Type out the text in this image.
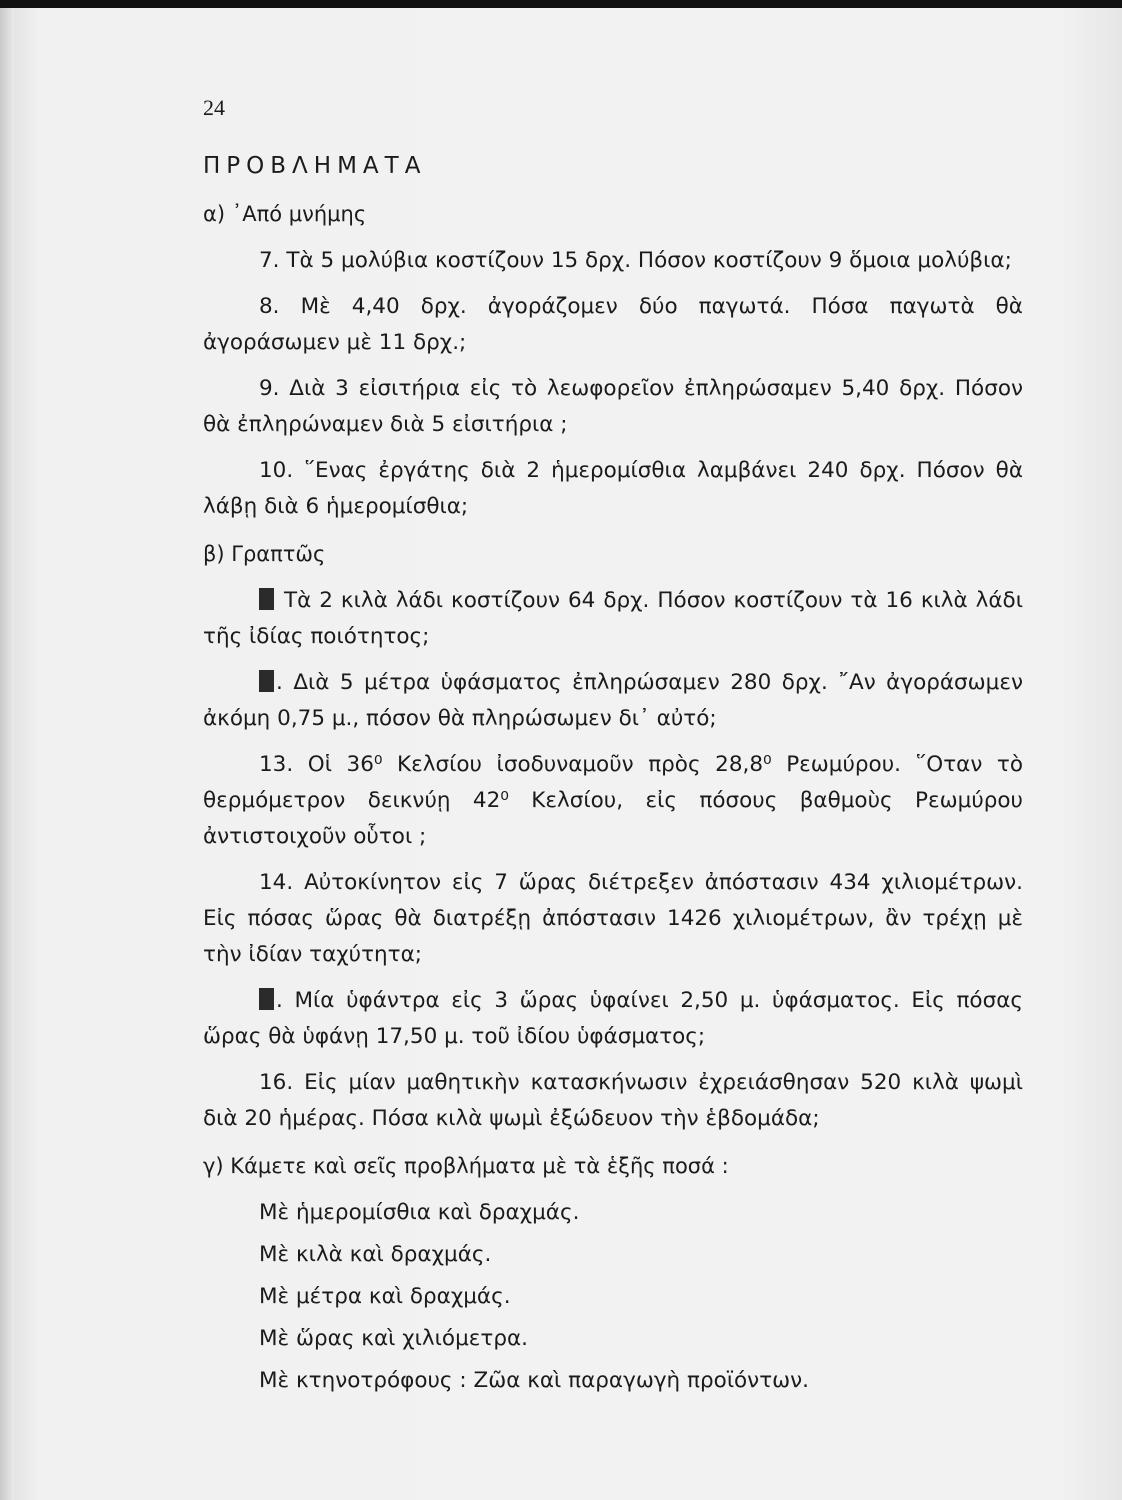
24
ΠΡΟΒΛΗΜΑΤΑ
α) ᾿Από μνήμης
7. Τὰ 5 μολύβια κοστίζουν 15 δρχ. Πόσον κοστίζουν 9 ὅμοια μολύβια;
8. Μὲ 4,40 δρχ. ἀγοράζομεν δύο παγωτά. Πόσα παγωτὰ θὰ ἀγοράσωμεν μὲ 11 δρχ.;
9. Διὰ 3 εἰσιτήρια εἰς τὸ λεωφορεῖον ἐπληρώσαμεν 5,40 δρχ. Πόσον θὰ ἐπληρώναμεν διὰ 5 εἰσιτήρια ;
10. ῞Ενας ἐργάτης διὰ 2 ἡμερομίσθια λαμβάνει 240 δρχ. Πόσον θὰ λάβῃ διὰ 6 ἡμερομίσθια;
β) Γραπτῶς
Τὰ 2 κιλὰ λάδι κοστίζουν 64 δρχ. Πόσον κοστίζουν τὰ 16 κιλὰ λάδι τῆς ἰδίας ποιότητος;
. Διὰ 5 μέτρα ὑφάσματος ἐπληρώσαμεν 280 δρχ. ῎Αν ἀγοράσωμεν ἀκόμη 0,75 μ., πόσον θὰ πληρώσωμεν δι᾿ αὐτό;
13. Οἱ 36⁰ Κελσίου ἰσοδυναμοῦν πρὸς 28,8⁰ Ρεωμύρου. ῞Οταν τὸ θερμόμετρον δεικνύῃ 42⁰ Κελσίου, εἰς πόσους βαθμοὺς Ρεωμύρου ἀντιστοιχοῦν οὗτοι ;
14. Αὐτοκίνητον εἰς 7 ὥρας διέτρεξεν ἀπόστασιν 434 χιλιομέτρων. Εἰς πόσας ὥρας θὰ διατρέξῃ ἀπόστασιν 1426 χιλιομέτρων, ἂν τρέχῃ μὲ τὴν ἰδίαν ταχύτητα;
. Μία ὑφάντρα εἰς 3 ὥρας ὑφαίνει 2,50 μ. ὑφάσματος. Εἰς πόσας ὥρας θὰ ὑφάνῃ 17,50 μ. τοῦ ἰδίου ὑφάσματος;
16. Εἰς μίαν μαθητικὴν κατασκήνωσιν ἐχρειάσθησαν 520 κιλὰ ψωμὶ διὰ 20 ἡμέρας. Πόσα κιλὰ ψωμὶ ἐξώδευον τὴν ἑβδομάδα;
γ) Κάμετε καὶ σεῖς προβλήματα μὲ τὰ ἑξῆς ποσά :
Μὲ ἡμερομίσθια καὶ δραχμάς.
Μὲ κιλὰ καὶ δραχμάς.
Μὲ μέτρα καὶ δραχμάς.
Μὲ ὥρας καὶ χιλιόμετρα.
Μὲ κτηνοτρόφους : Ζῶα καὶ παραγωγὴ προϊόντων.
